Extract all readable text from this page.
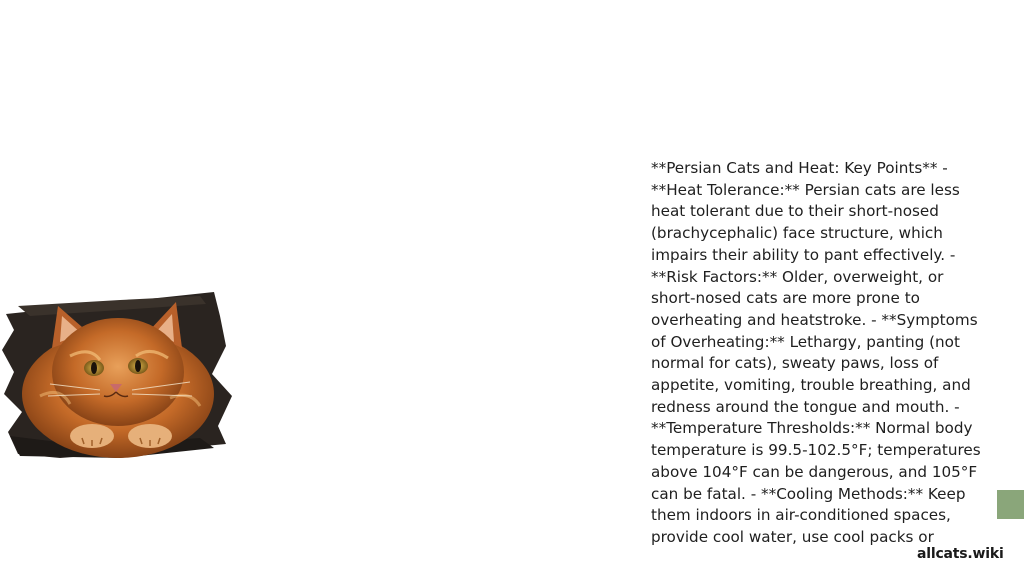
**Persian Cats and Heat: Key Points** - **Heat Tolerance:** Persian cats are less heat tolerant due to their short-nosed (brachycephalic) face structure, which impairs their ability to pant effectively. - **Risk Factors:** Older, overweight, or short-nosed cats are more prone to overheating and heatstroke. - **Symptoms of Overheating:** Lethargy, panting (not normal for cats), sweaty paws, loss of appetite, vomiting, trouble breathing, and redness around the tongue and mouth. - **Temperature Thresholds:** Normal body temperature is 99.5-102.5°F; temperatures above 104°F can be dangerous, and 105°F can be fatal. - **Cooling Methods:** Keep them indoors in air-conditioned spaces, provide cool water, use cool packs or
allcats.wiki
